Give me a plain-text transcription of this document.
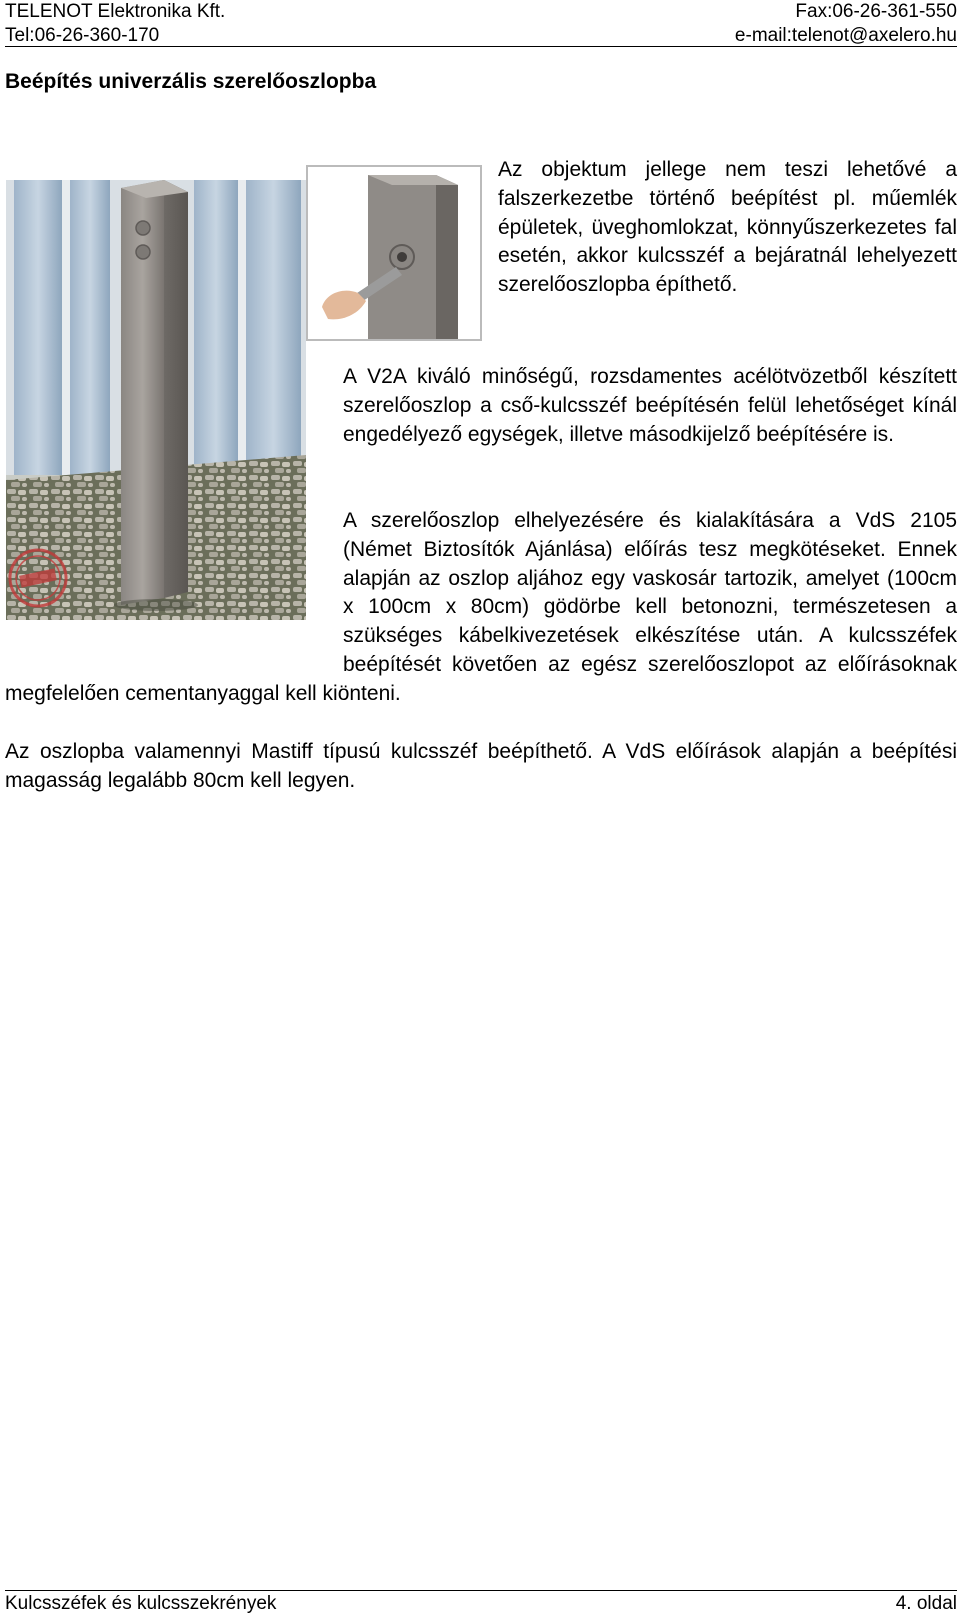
TELENOT Elektronika Kft.	Fax:06-26-361-550
Tel:06-26-360-170	e-mail:telenot@axelero.hu
Beépítés univerzális szerelőoszlopba

Az objektum jellege nem teszi lehetővé a falszerkezetbe történő beépítést pl. műemlék épületek, üveghomlokzat, könnyűszerkezetes fal esetén, akkor kulcsszéf a bejáratnál lehelyezett szerelőoszlopba építhető.

A V2A kiváló minőségű, rozsdamentes acélötvözetből készített szerelőoszlop a cső-kulcsszéf beépítésén felül lehetőséget kínál engedélyező egységek, illetve másodkijelző beépítésére is.

A szerelőoszlop elhelyezésére és kialakítására a VdS 2105 (Német Biztosítók Ajánlása) előírás tesz megkötéseket. Ennek alapján az oszlop aljához egy vaskosár tartozik, amelyet (100cm x 100cm x 80cm) gödörbe kell betonozni, természetesen a szükséges kábelkivezetések elkészítése után. A kulcsszéfek beépítését követően az egész szerelőoszlopot az előírásoknak megfelelően cementanyaggal kell kiönteni.

Az oszlopba valamennyi Mastiff típusú kulcsszéf beépíthető. A VdS előírások alapján a beépítési magasság legalább 80cm kell legyen.

Kulcsszéfek és kulcsszekrények	4. oldal
